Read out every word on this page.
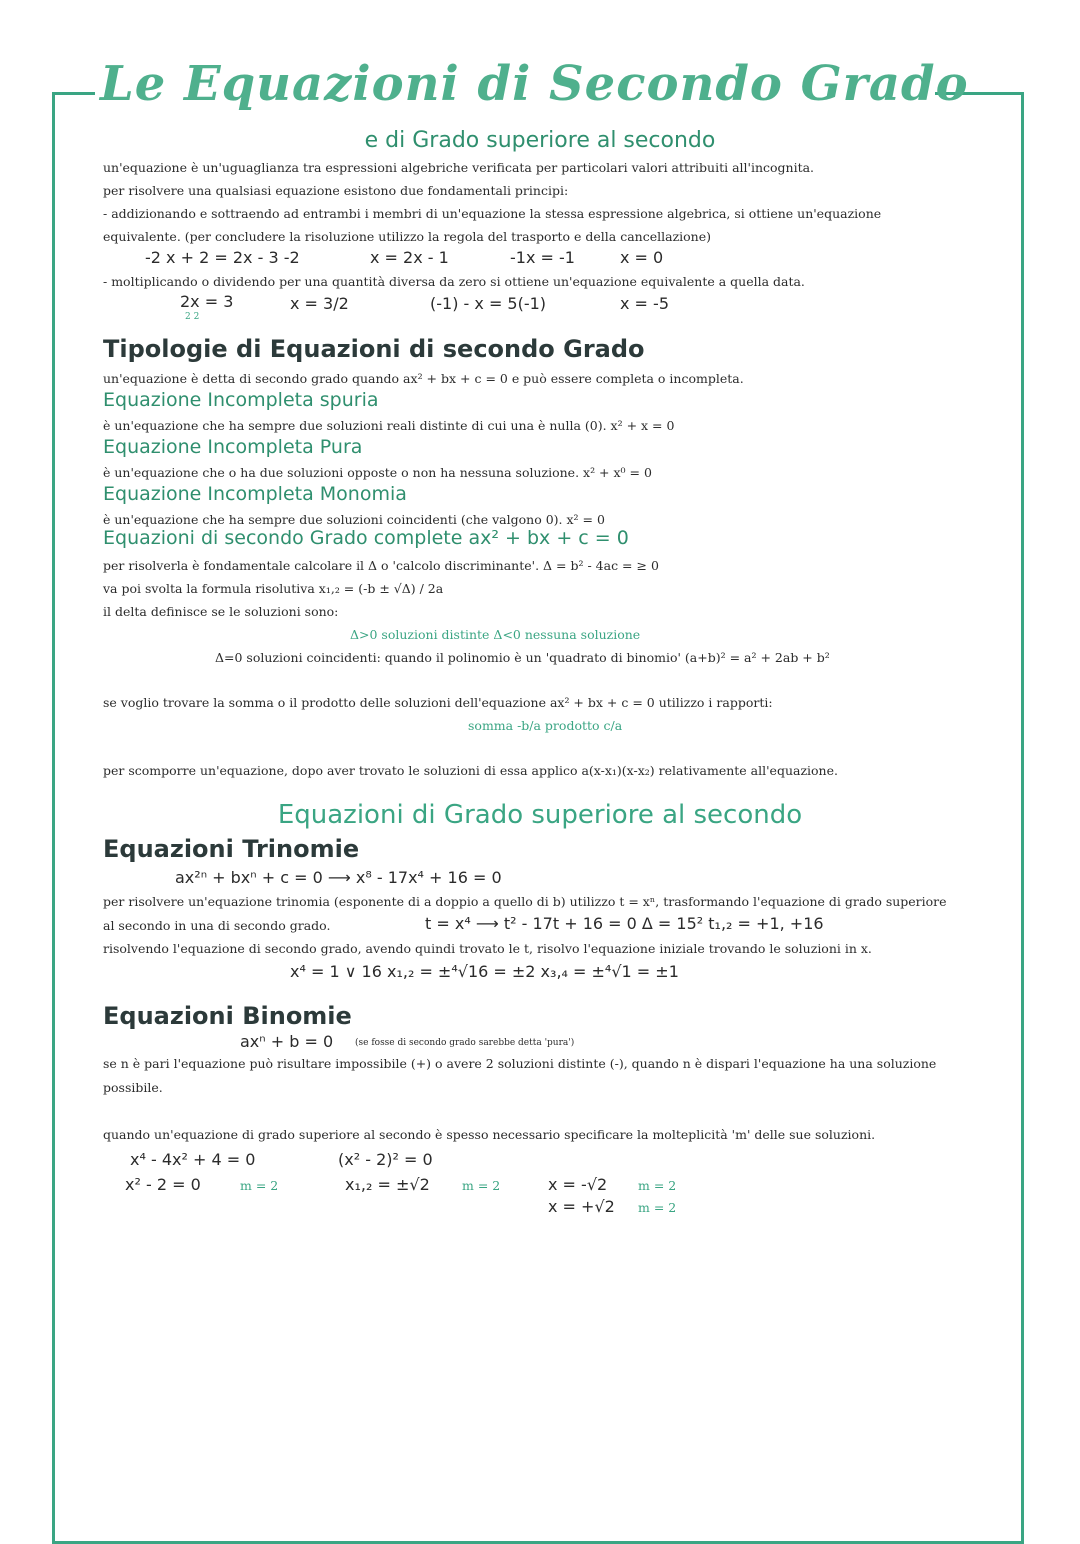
Le Equazioni di Secondo Grado
e di Grado superiore al secondo
un'equazione è un'uguaglianza tra espressioni algebriche verificata per particolari valori attribuiti all'incognita.
per risolvere una qualsiasi equazione esistono due fondamentali principi:
- addizionando e sottraendo ad entrambi i membri di un'equazione la stessa espressione algebrica, si ottiene un'equazione
equivalente. (per concludere la risoluzione utilizzo la regola del trasporto e della cancellazione)
-2 x + 2 = 2x - 3 -2	x = 2x - 1	-1x = -1	x = 0
- moltiplicando o dividendo per una quantità diversa da zero si ottiene un'equazione equivalente a quella data.
2x = 3
2 2
x = 3/2	(-1) - x = 5(-1)	x = -5
Tipologie di Equazioni di secondo Grado
un'equazione è detta di secondo grado quando ax² + bx + c = 0 e può essere completa o incompleta.
Equazione Incompleta spuria
è un'equazione che ha sempre due soluzioni reali distinte di cui una è nulla (0). x² + x = 0
Equazione Incompleta Pura
è un'equazione che o ha due soluzioni opposte o non ha nessuna soluzione. x² + x⁰ = 0
Equazione Incompleta Monomia
è un'equazione che ha sempre due soluzioni coincidenti (che valgono 0). x² = 0
Equazioni di secondo Grado complete ax² + bx + c = 0
per risolverla è fondamentale calcolare il Δ o 'calcolo discriminante'. Δ = b² - 4ac = ≥ 0
va poi svolta la formula risolutiva x₁,₂ = (-b ± √Δ) / 2a
il delta definisce se le soluzioni sono:
Δ>0 soluzioni distinte Δ<0 nessuna soluzione
Δ=0 soluzioni coincidenti: quando il polinomio è un 'quadrato di binomio' (a+b)² = a² + 2ab + b²
se voglio trovare la somma o il prodotto delle soluzioni dell'equazione ax² + bx + c = 0 utilizzo i rapporti:
somma -b/a prodotto c/a
per scomporre un'equazione, dopo aver trovato le soluzioni di essa applico a(x-x₁)(x-x₂) relativamente all'equazione.
Equazioni di Grado superiore al secondo
Equazioni Trinomie
ax²ⁿ + bxⁿ + c = 0 ⟶ x⁸ - 17x⁴ + 16 = 0
per risolvere un'equazione trinomia (esponente di a doppio a quello di b) utilizzo t = xⁿ, trasformando l'equazione di grado superiore
al secondo in una di secondo grado.	t = x⁴ ⟶ t² - 17t + 16 = 0 Δ = 15² t₁,₂ = +1, +16
risolvendo l'equazione di secondo grado, avendo quindi trovato le t, risolvo l'equazione iniziale trovando le soluzioni in x.
x⁴ = 1 ∨ 16 x₁,₂ = ±⁴√16 = ±2 x₃,₄ = ±⁴√1 = ±1
Equazioni Binomie
axⁿ + b = 0 (se fosse di secondo grado sarebbe detta 'pura')
se n è pari l'equazione può risultare impossibile (+) o avere 2 soluzioni distinte (-), quando n è dispari l'equazione ha una soluzione
possibile.
quando un'equazione di grado superiore al secondo è spesso necessario specificare la molteplicità 'm' delle sue soluzioni.
x⁴ - 4x² + 4 = 0	(x² - 2)² = 0
x² - 2 = 0	m = 2	x₁,₂ = ±√2	m = 2	x = -√2 m = 2
x = +√2 m = 2
